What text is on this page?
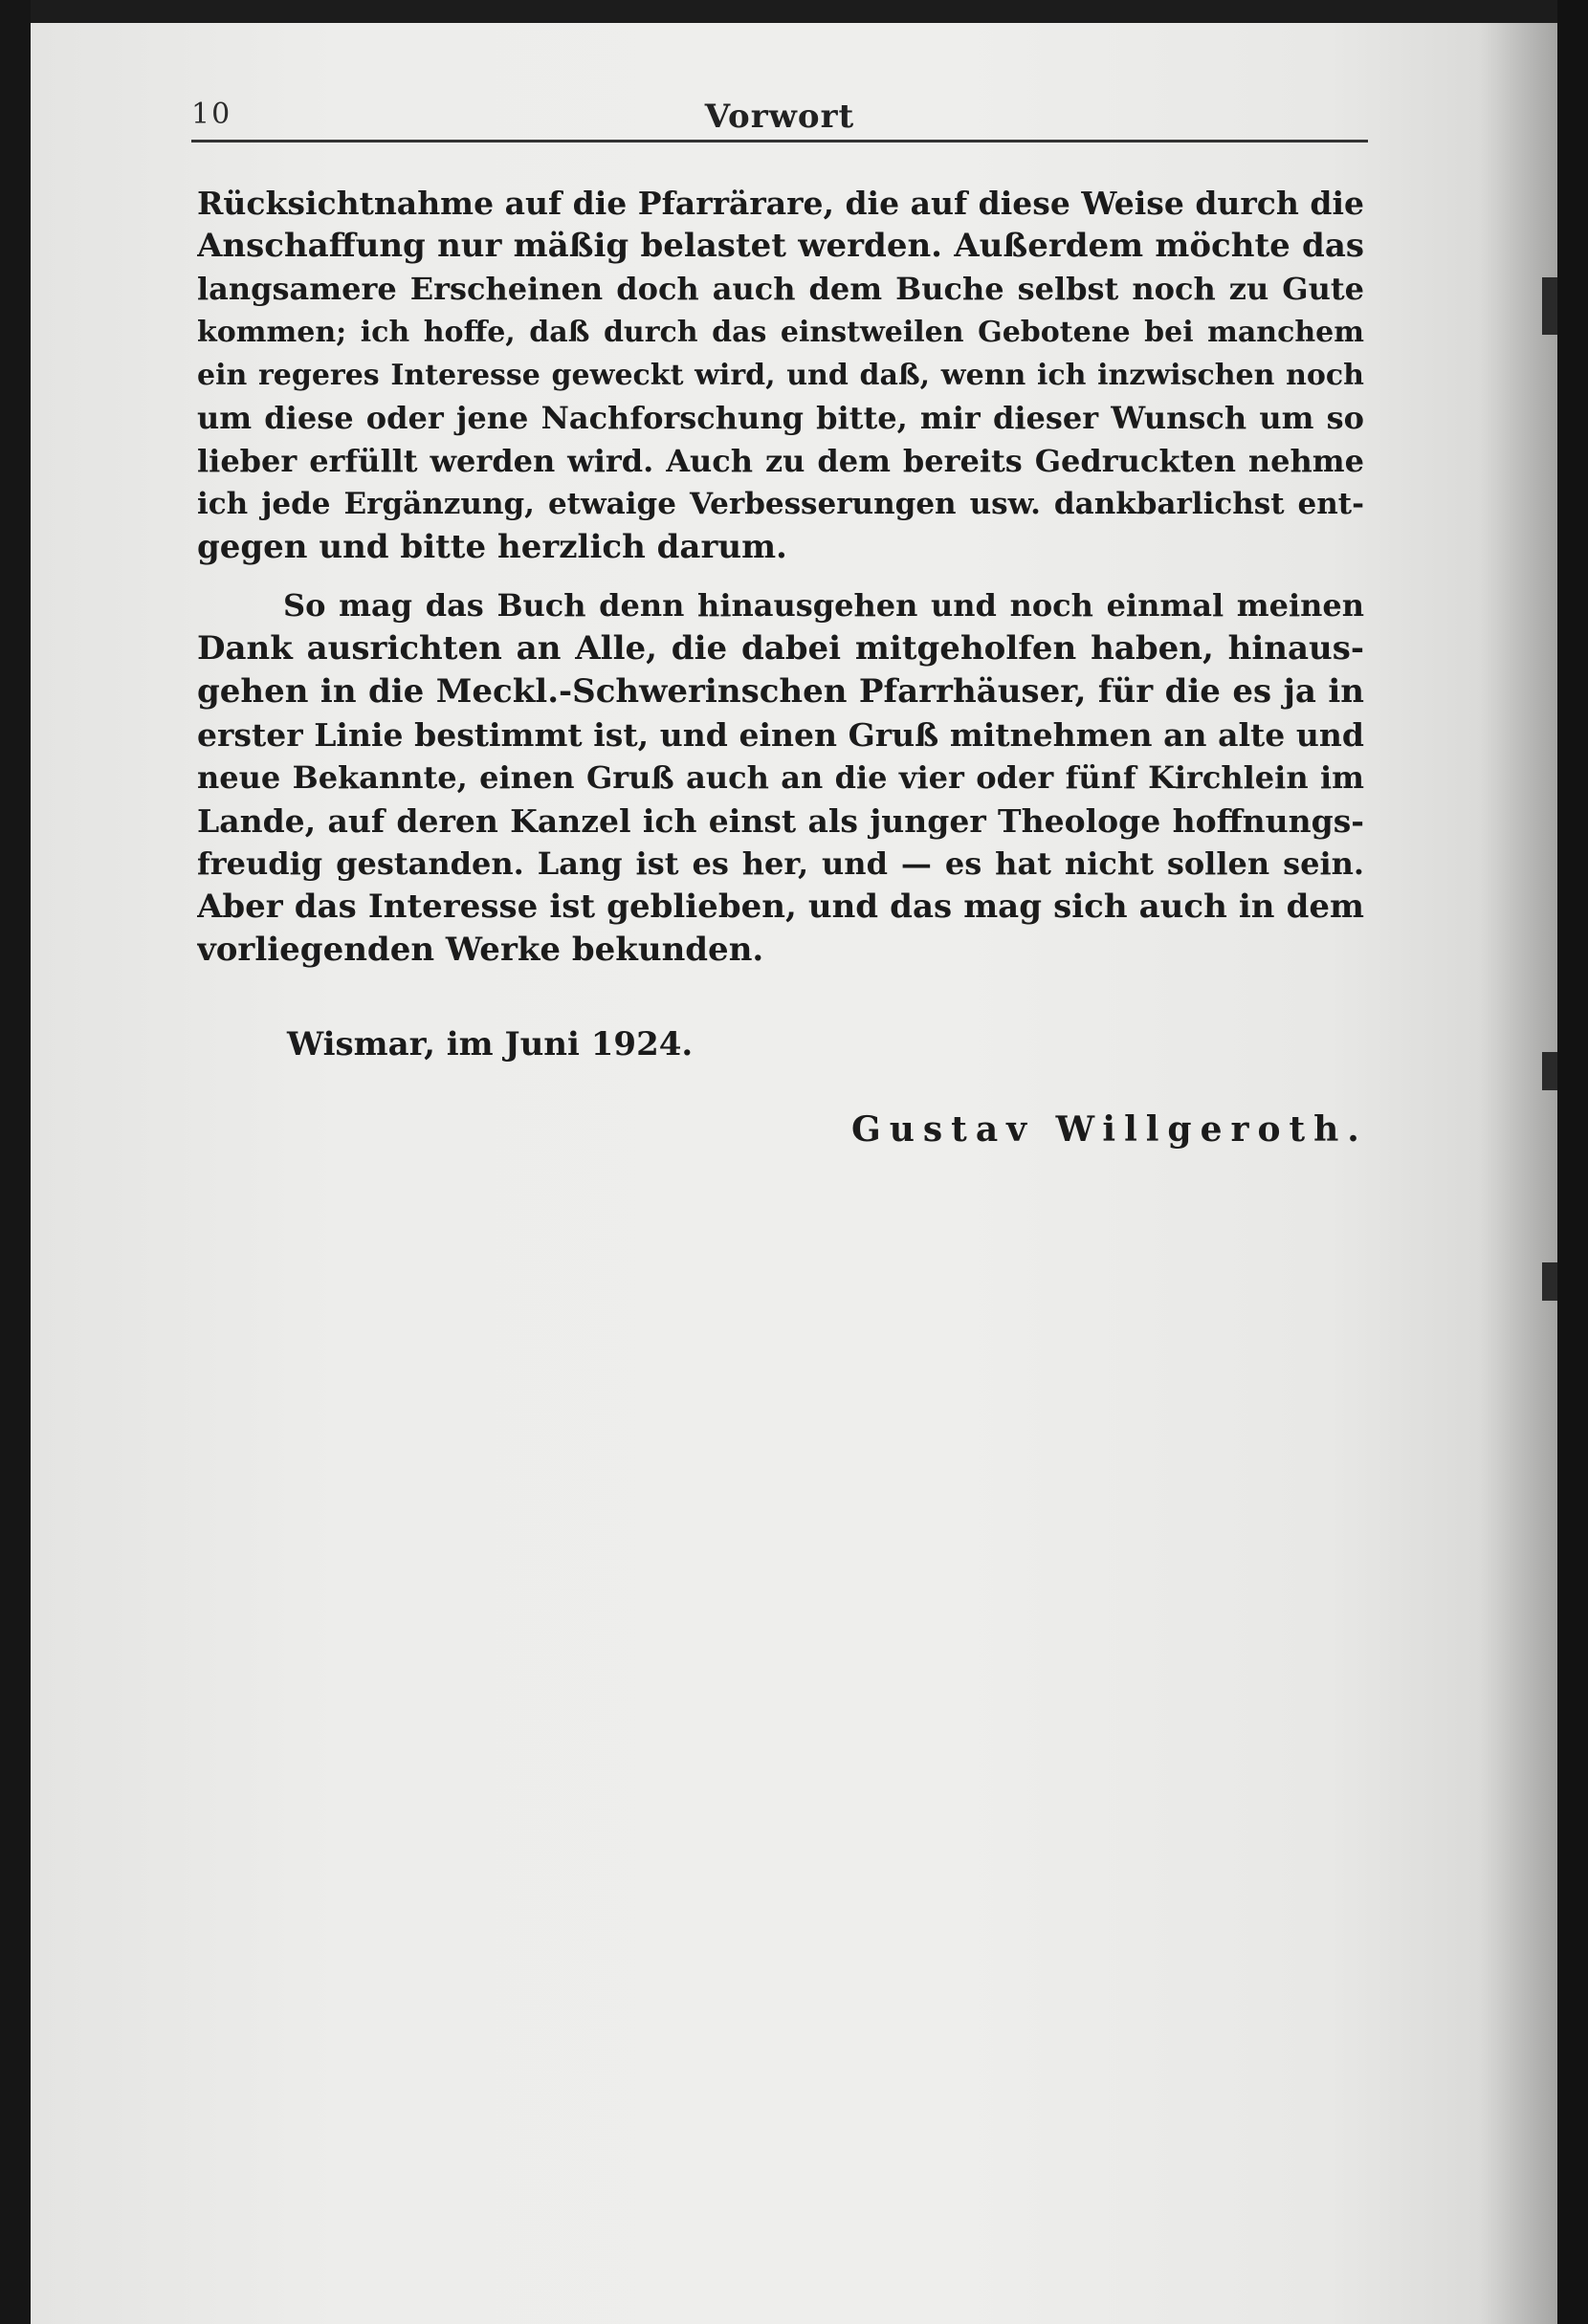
10	Vorwort
Rücksichtnahme auf die Pfarrärare, die auf diese Weise durch die
Anschaffung nur mäßig belastet werden. Außerdem möchte das
langsamere Erscheinen doch auch dem Buche selbst noch zu Gute
kommen; ich hoffe, daß durch das einstweilen Gebotene bei manchem
ein regeres Interesse geweckt wird, und daß, wenn ich inzwischen noch
um diese oder jene Nachforschung bitte, mir dieser Wunsch um so
lieber erfüllt werden wird. Auch zu dem bereits Gedruckten nehme
ich jede Ergänzung, etwaige Verbesserungen usw. dankbarlichst ent-
gegen und bitte herzlich darum.
So mag das Buch denn hinausgehen und noch einmal meinen
Dank ausrichten an Alle, die dabei mitgeholfen haben, hinaus-
gehen in die Meckl.-Schwerinschen Pfarrhäuser, für die es ja in
erster Linie bestimmt ist, und einen Gruß mitnehmen an alte und
neue Bekannte, einen Gruß auch an die vier oder fünf Kirchlein im
Lande, auf deren Kanzel ich einst als junger Theologe hoffnungs-
freudig gestanden. Lang ist es her, und — es hat nicht sollen sein.
Aber das Interesse ist geblieben, und das mag sich auch in dem
vorliegenden Werke bekunden.
Wismar, im Juni 1924.
Gustav Willgeroth.
